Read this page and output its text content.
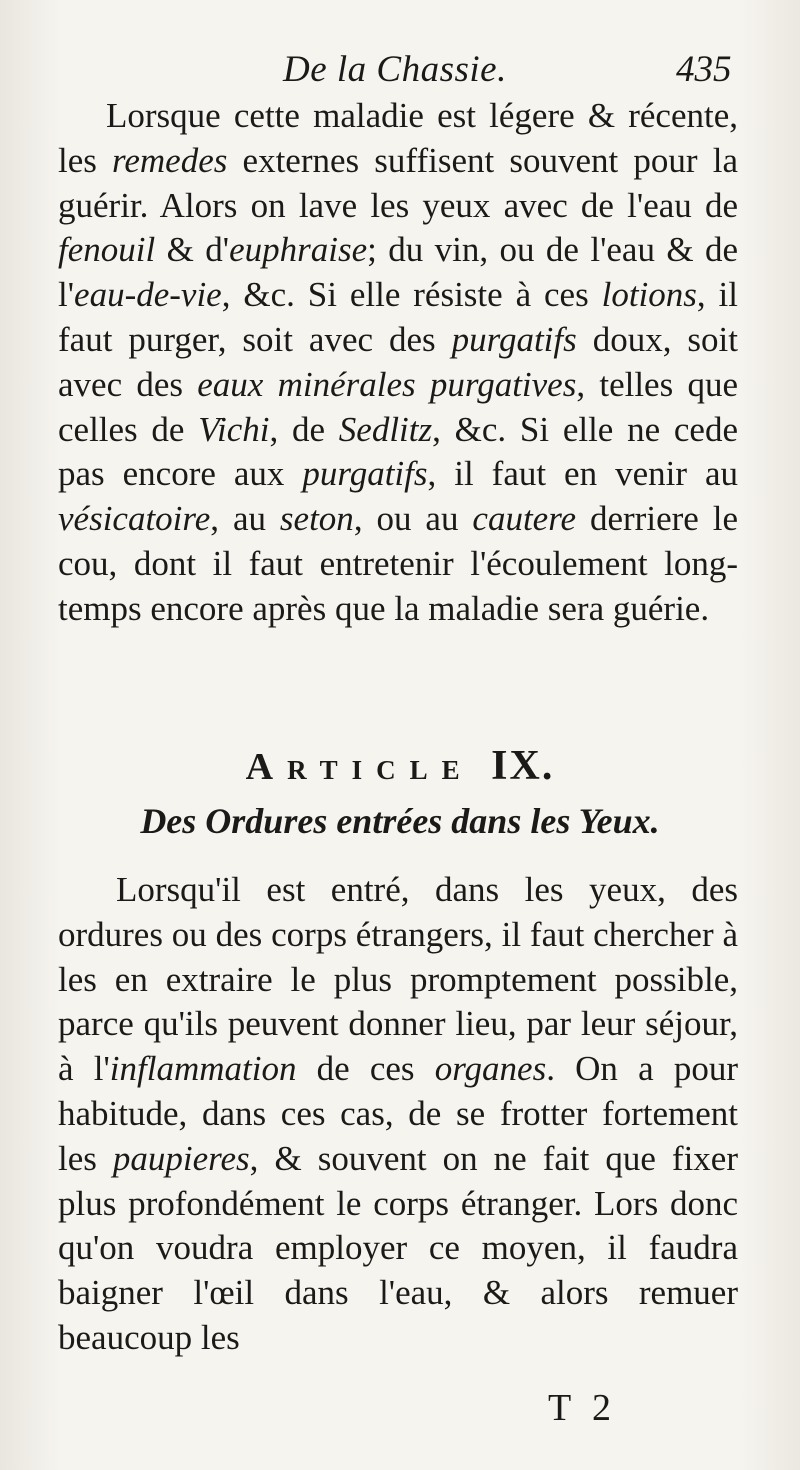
De la Chassie.	435

Lorsque cette maladie est légere & récente, les remedes externes suffisent souvent pour la guérir. Alors on lave les yeux avec de l'eau de fenouil & d'euphraise; du vin, ou de l'eau & de l'eau-de-vie, &c. Si elle résiste à ces lotions, il faut purger, soit avec des purgatifs doux, soit avec des eaux minérales purgatives, telles que celles de Vichi, de Sedlitz, &c. Si elle ne cede pas encore aux purgatifs, il faut en venir au vésicatoire, au seton, ou au cautere derriere le cou, dont il faut entretenir l'écoulement long-temps encore après que la maladie sera guérie.

Article IX.
Des Ordures entrées dans les Yeux.

Lorsqu'il est entré, dans les yeux, des ordures ou des corps étrangers, il faut chercher à les en extraire le plus promptement possible, parce qu'ils peuvent donner lieu, par leur séjour, à l'inflammation de ces organes. On a pour habitude, dans ces cas, de se frotter fortement les paupieres, & souvent on ne fait que fixer plus profondément le corps étranger. Lors donc qu'on voudra employer ce moyen, il faudra baigner l'œil dans l'eau, & alors remuer beaucoup les

T 2
